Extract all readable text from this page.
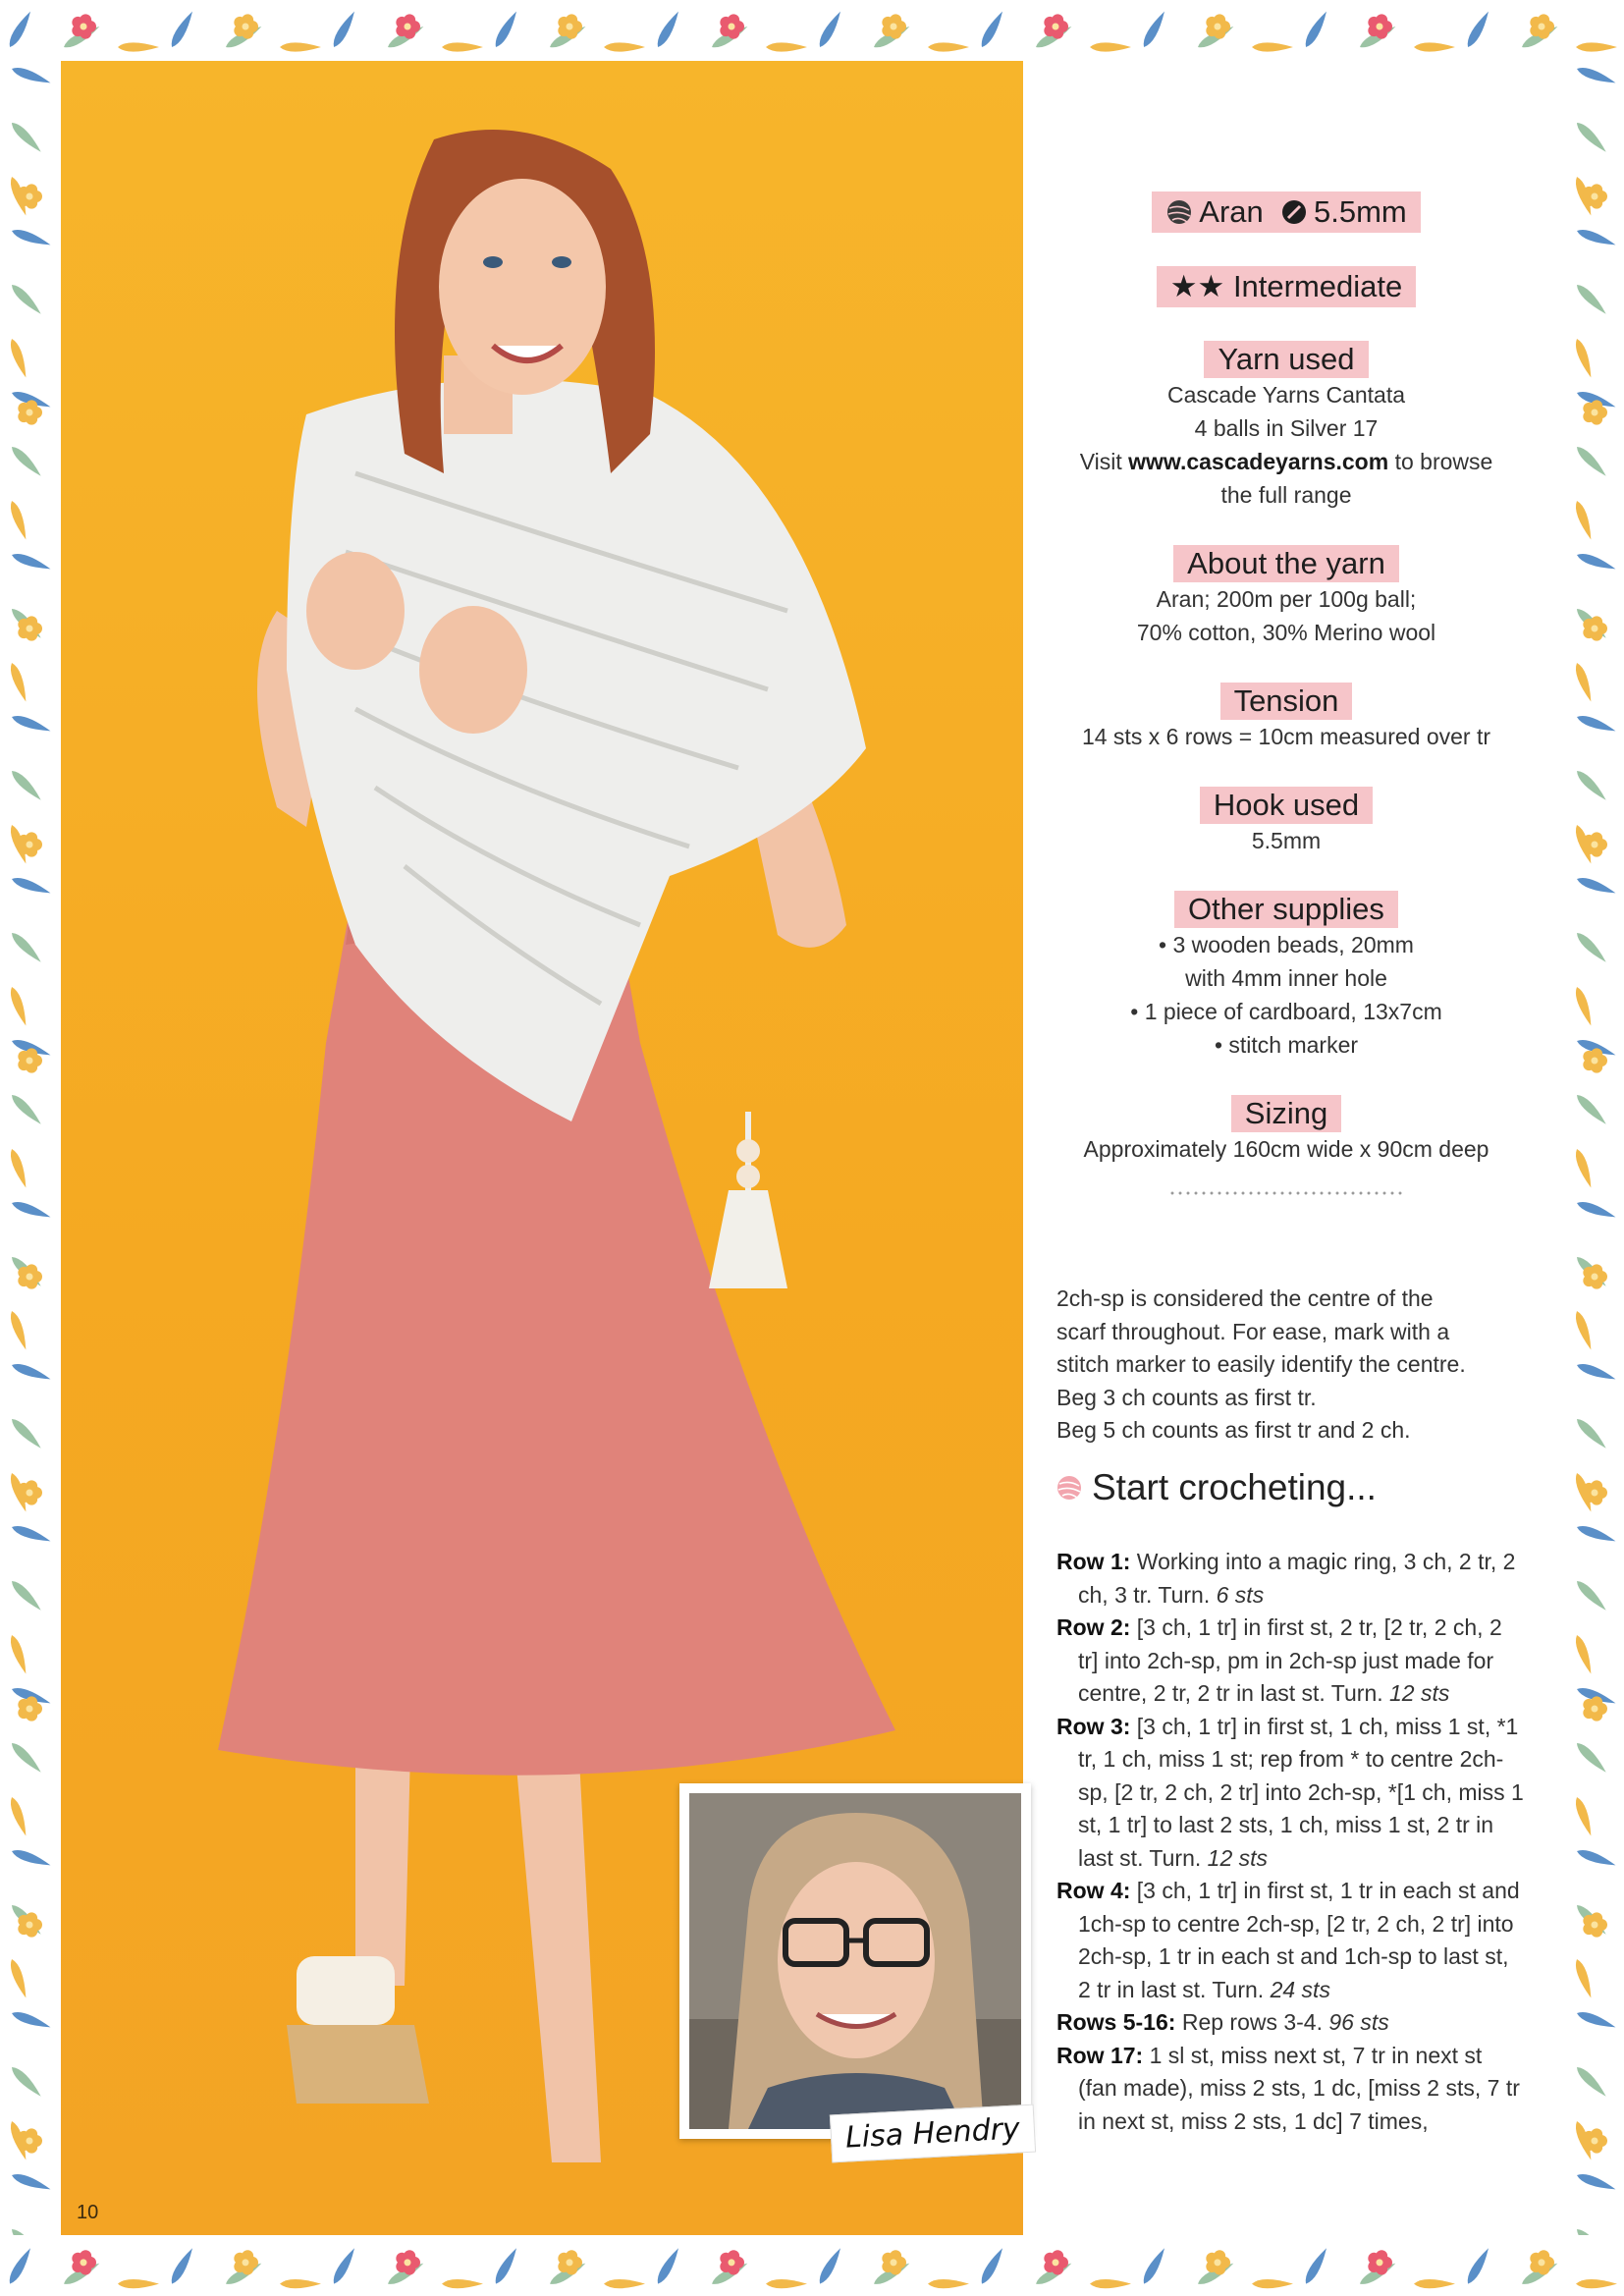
10
Lisa Hendry
Aran 5.5mm
★★ Intermediate
Yarn used

Cascade Yarns Cantata

4 balls in Silver 17

Visit www.cascadeyarns.com to browse

the full range

About the yarn

Aran; 200m per 100g ball;

70% cotton, 30% Merino wool

Tension

14 sts x 6 rows = 10cm measured over tr

Hook used

5.5mm

Other supplies
• 3 wooden beads, 20mm

with 4mm inner hole

• 1 piece of cardboard, 13x7cm
• stitch marker
Sizing

Approximately 160cm wide x 90cm deep

2ch-sp is considered the centre of the
scarf throughout. For ease, mark with a
stitch marker to easily identify the centre.
Beg 3 ch counts as first tr.
Beg 5 ch counts as first tr and 2 ch.
Start crocheting...
Row 1: Working into a magic ring, 3 ch, 2 tr, 2 ch, 3 tr. Turn. 6 sts
Row 2: [3 ch, 1 tr] in first st, 2 tr, [2 tr, 2 ch, 2 tr] into 2ch-sp, pm in 2ch-sp just made for centre, 2 tr, 2 tr in last st. Turn. 12 sts
Row 3: [3 ch, 1 tr] in first st, 1 ch, miss 1 st, *1 tr, 1 ch, miss 1 st; rep from * to centre 2ch-sp, [2 tr, 2 ch, 2 tr] into 2ch-sp, *[1 ch, miss 1 st, 1 tr] to last 2 sts, 1 ch, miss 1 st, 2 tr in last st. Turn. 12 sts
Row 4: [3 ch, 1 tr] in first st, 1 tr in each st and 1ch-sp to centre 2ch-sp, [2 tr, 2 ch, 2 tr] into 2ch-sp, 1 tr in each st and 1ch-sp to last st, 2 tr in last st. Turn. 24 sts
Rows 5-16: Rep rows 3-4. 96 sts
Row 17: 1 sl st, miss next st, 7 tr in next st (fan made), miss 2 sts, 1 dc, [miss 2 sts, 7 tr in next st, miss 2 sts, 1 dc] 7 times,
